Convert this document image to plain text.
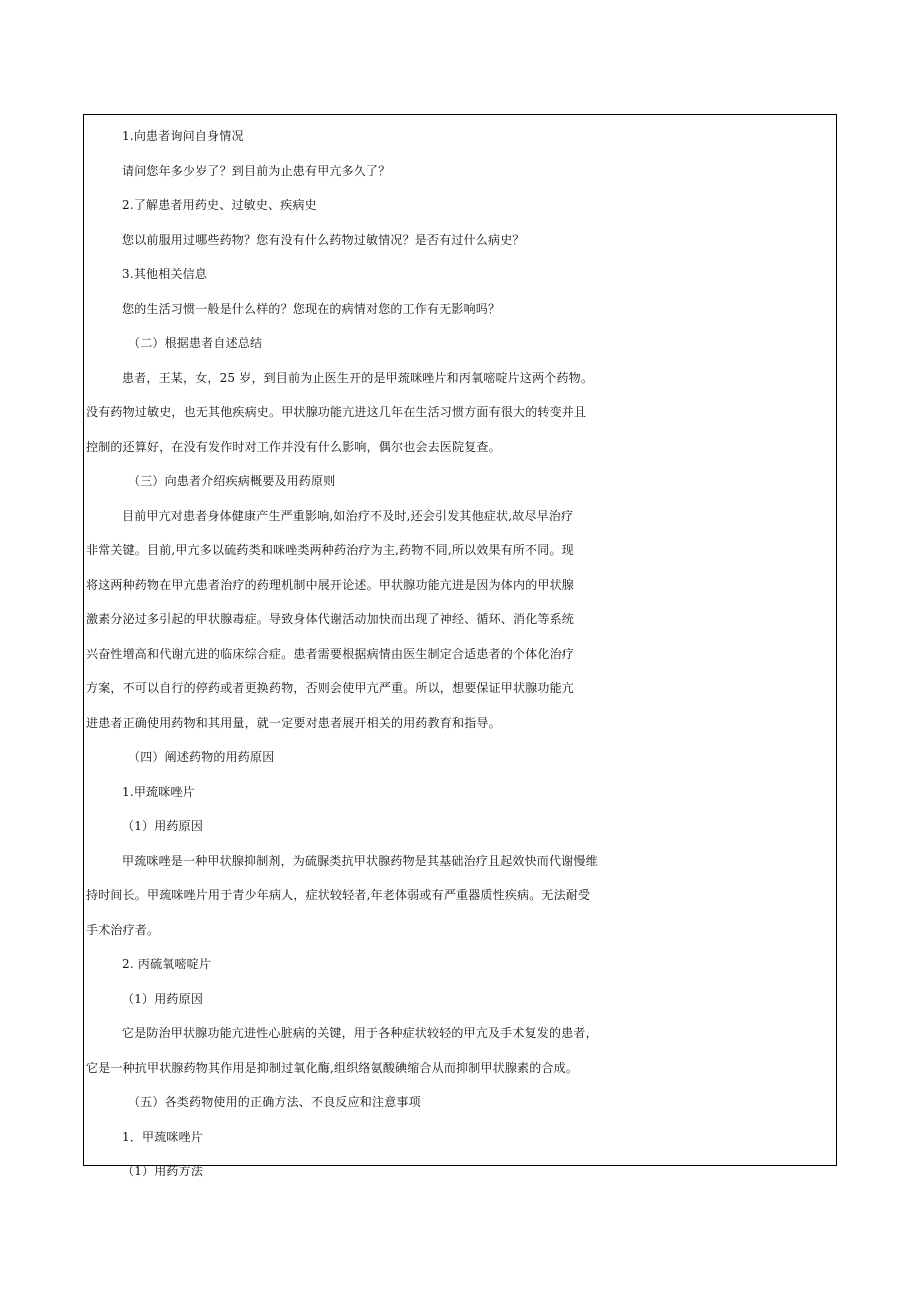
1.向患者询问自身情况

请问您年多少岁了？到目前为止患有甲亢多久了？

2.了解患者用药史、过敏史、疾病史

您以前服用过哪些药物？您有没有什么药物过敏情况？是否有过什么病史？

3.其他相关信息

您的生活习惯一般是什么样的？您现在的病情对您的工作有无影响吗？

（二）根据患者自述总结

患者，王某，女，25 岁，到目前为止医生开的是甲巯咪唑片和丙氧嘧啶片这两个药物。

没有药物过敏史，也无其他疾病史。甲状腺功能亢进这几年在生活习惯方面有很大的转变并且

控制的还算好，在没有发作时对工作并没有什么影响，偶尔也会去医院复查。

（三）向患者介绍疾病概要及用药原则

目前甲亢对患者身体健康产生严重影响,如治疗不及时,还会引发其他症状,故尽早治疗

非常关键。目前,甲亢多以硫药类和咪唑类两种药治疗为主,药物不同,所以效果有所不同。现

将这两种药物在甲亢患者治疗的药理机制中展开论述。甲状腺功能亢进是因为体内的甲状腺

激素分泌过多引起的甲状腺毒症。导致身体代谢活动加快而出现了神经、循环、消化等系统

兴奋性增高和代谢亢进的临床综合症。患者需要根据病情由医生制定合适患者的个体化治疗

方案，不可以自行的停药或者更换药物，否则会使甲亢严重。所以，想要保证甲状腺功能亢

进患者正确使用药物和其用量，就一定要对患者展开相关的用药教育和指导。

（四）阐述药物的用药原因

1.甲巯咪唑片

（1）用药原因

甲巯咪唑是一种甲状腺抑制剂，为硫脲类抗甲状腺药物是其基础治疗且起效快而代谢慢维

持时间长。甲巯咪唑片用于青少年病人，症状较轻者,年老体弱或有严重器质性疾病。无法耐受

手术治疗者。

2. 丙硫氧嘧啶片

（1）用药原因

它是防治甲状腺功能亢进性心脏病的关键，用于各种症状较轻的甲亢及手术复发的患者，

它是一种抗甲状腺药物其作用是抑制过氧化酶,组织络氨酸碘缩合从而抑制甲状腺素的合成。

（五）各类药物使用的正确方法、不良反应和注意事项

1．甲巯咪唑片

（1）用药方法
